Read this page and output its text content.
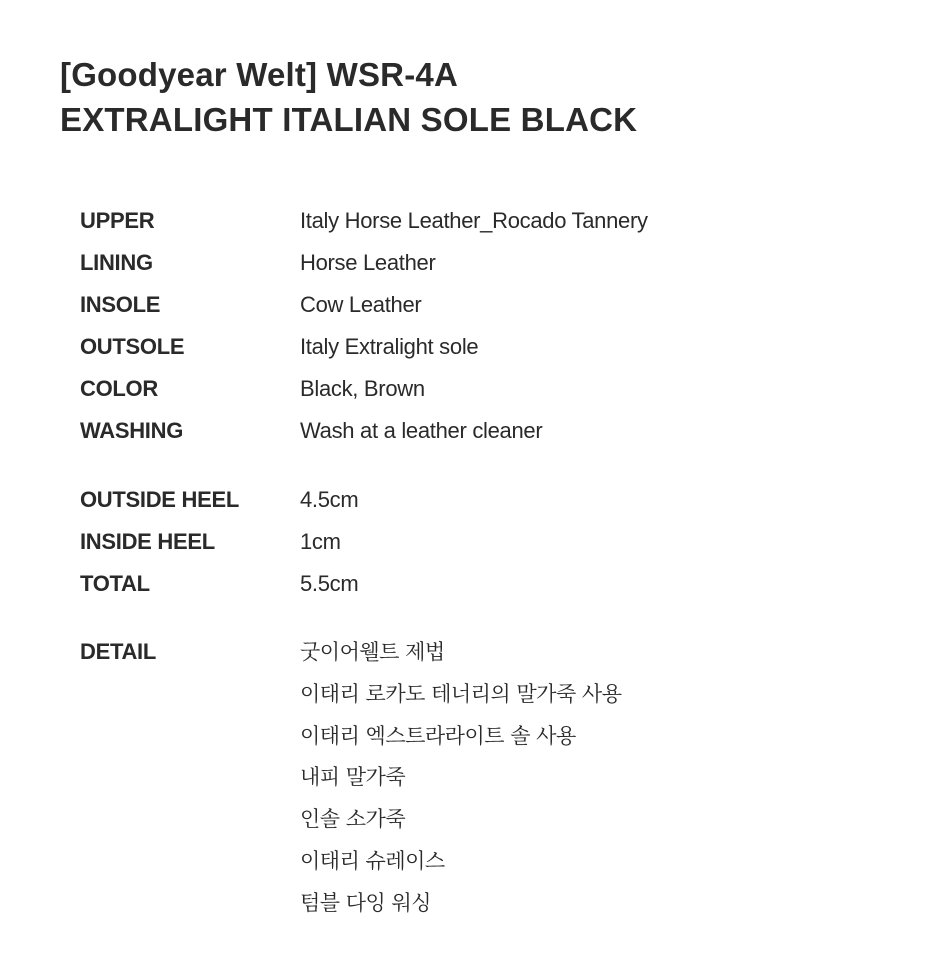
[Goodyear Welt] WSR-4A
EXTRALIGHT ITALIAN SOLE BLACK
UPPER	Italy Horse Leather_Rocado Tannery
LINING	Horse Leather
INSOLE	Cow Leather
OUTSOLE	Italy Extralight sole
COLOR	Black, Brown
WASHING	Wash at a leather cleaner
OUTSIDE HEEL	4.5cm
INSIDE HEEL	1cm
TOTAL	5.5cm
DETAIL	굿이어웰트 제법
이태리 로카도 테너리의 말가죽 사용
이태리 엑스트라라이트 솔 사용
내피 말가죽
인솔 소가죽
이태리 슈레이스
텀블 다잉 워싱
